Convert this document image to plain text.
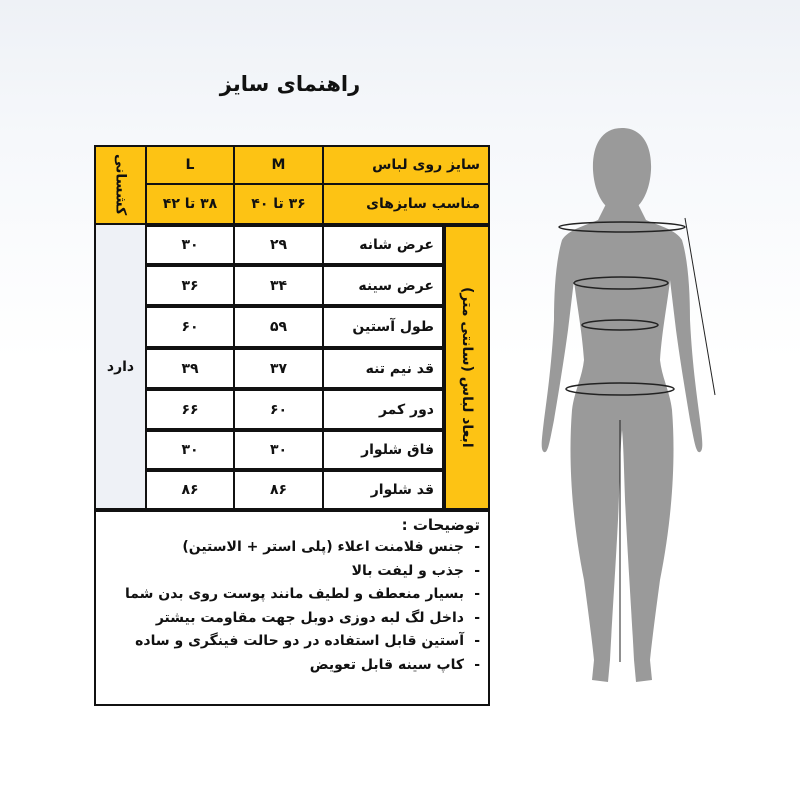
راهنمای سایز
سایز روی لباس
M
L
مناسب سایزهای
۳۶ تا ۴۰
۳۸ تا ۴۲
کشسانی
ابعاد لباس (سانتی متر)
دارد
عرض شانه
۲۹
۳۰
عرض سینه
۳۴
۳۶
طول آستین
۵۹
۶۰
قد نیم تنه
۳۷
۳۹
دور کمر
۶۰
۶۶
فاق شلوار
۳۰
۳۰
قد شلوار
۸۶
۸۶
توضیحات :
-جنس فلامنت اعلاء (پلی استر + الاستین)
-جذب و لیفت بالا
-بسیار منعطف و لطیف مانند پوست روی بدن شما
-داخل لگ لبه دوزی دوبل جهت مقاومت بیشتر
-آستین قابل استفاده در دو حالت فینگری و ساده
-کاپ سینه قابل تعویض
